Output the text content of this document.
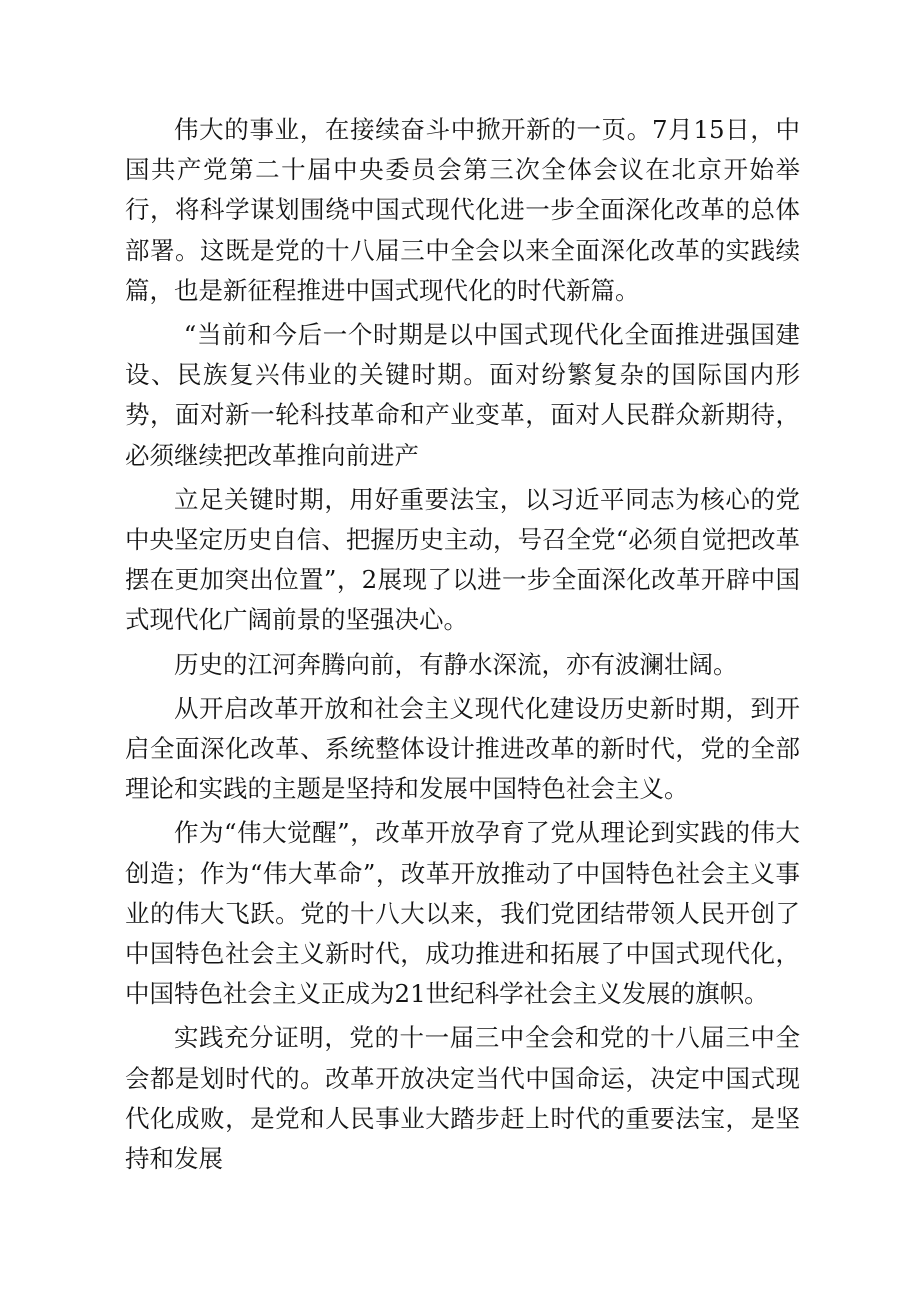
伟大的事业，在接续奋斗中掀开新的一页。7月15日，中国共产党第二十届中央委员会第三次全体会议在北京开始举行，将科学谋划围绕中国式现代化进一步全面深化改革的总体部署。这既是党的十八届三中全会以来全面深化改革的实践续篇，也是新征程推进中国式现代化的时代新篇。

“当前和今后一个时期是以中国式现代化全面推进强国建设、民族复兴伟业的关键时期。面对纷繁复杂的国际国内形势，面对新一轮科技革命和产业变革，面对人民群众新期待，必须继续把改革推向前进产

立足关键时期，用好重要法宝，以习近平同志为核心的党中央坚定历史自信、把握历史主动，号召全党“必须自觉把改革摆在更加突出位置”，2展现了以进一步全面深化改革开辟中国式现代化广阔前景的坚强决心。

历史的江河奔腾向前，有静水深流，亦有波澜壮阔。

从开启改革开放和社会主义现代化建设历史新时期，到开启全面深化改革、系统整体设计推进改革的新时代，党的全部理论和实践的主题是坚持和发展中国特色社会主义。

作为“伟大觉醒”，改革开放孕育了党从理论到实践的伟大创造；作为“伟大革命”，改革开放推动了中国特色社会主义事业的伟大飞跃。党的十八大以来，我们党团结带领人民开创了中国特色社会主义新时代，成功推进和拓展了中国式现代化，中国特色社会主义正成为21世纪科学社会主义发展的旗帜。

实践充分证明，党的十一届三中全会和党的十八届三中全会都是划时代的。改革开放决定当代中国命运，决定中国式现代化成败，是党和人民事业大踏步赶上时代的重要法宝，是坚持和发展
